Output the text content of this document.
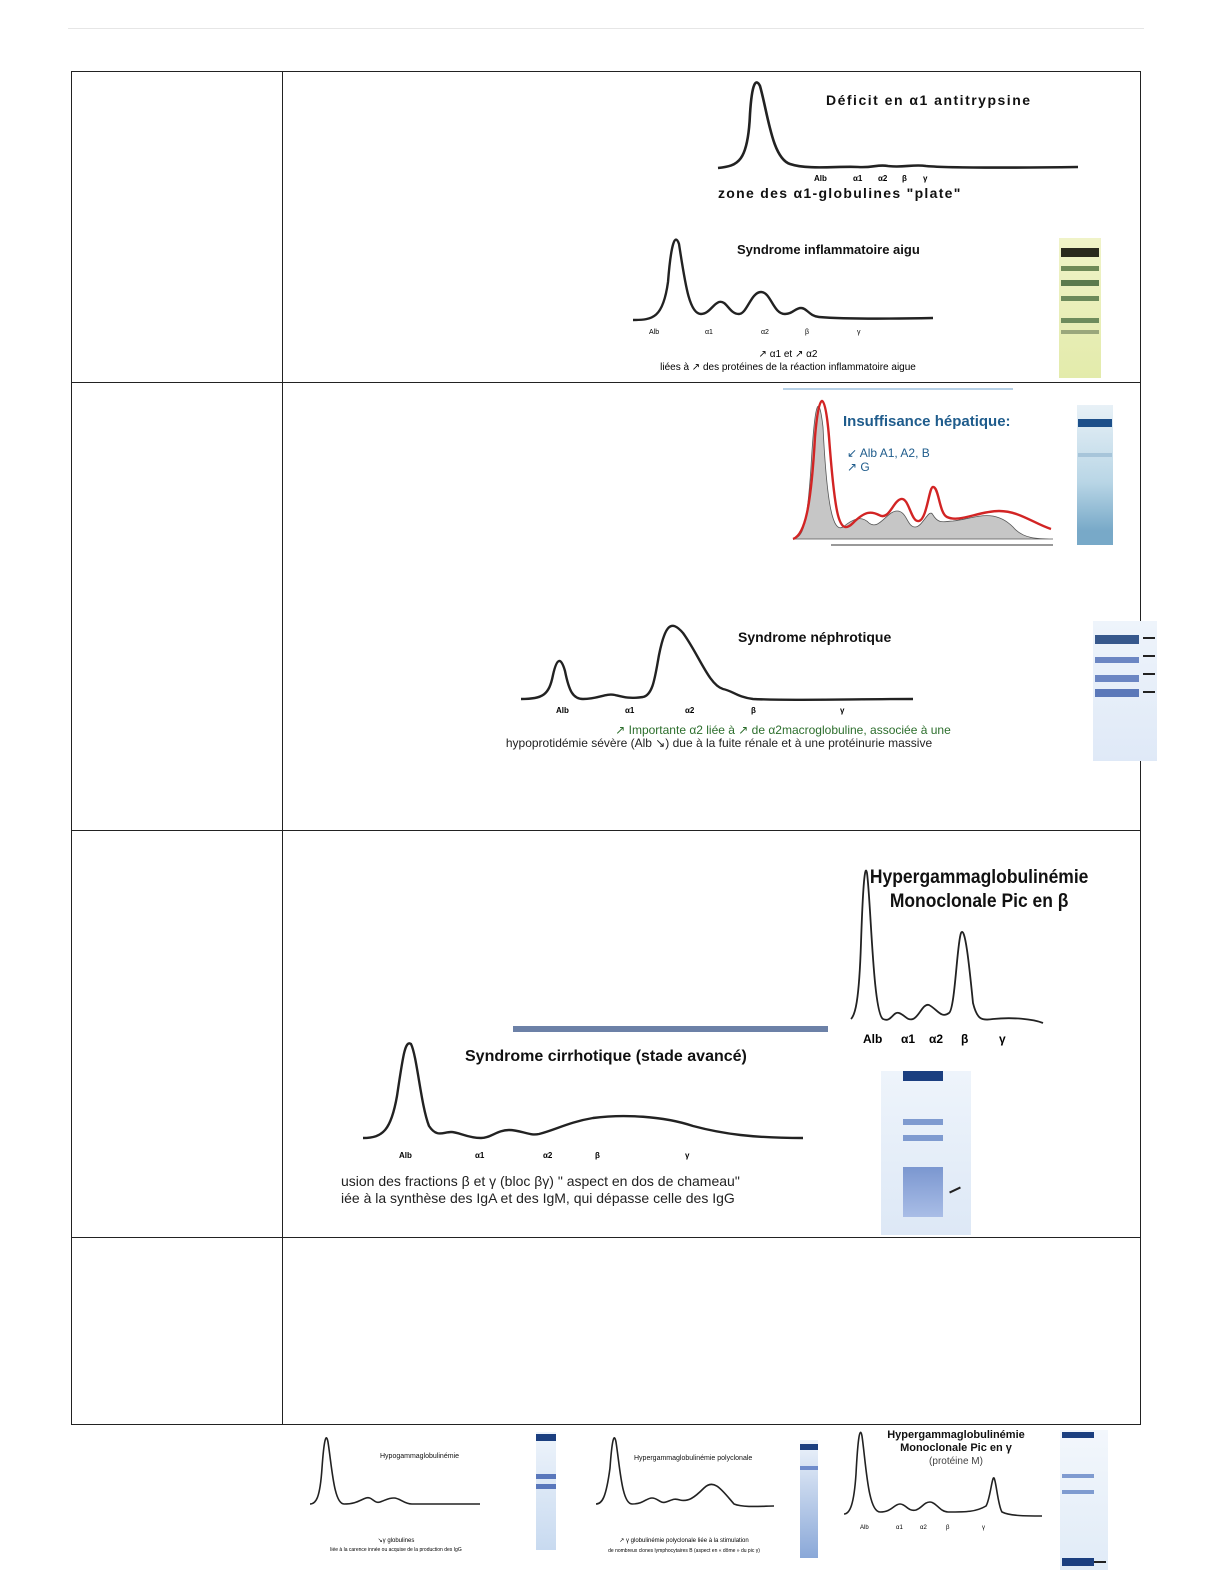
Déficit en α1 antitrypsine
Alb	α1 α2 β γ
zone des α1-globulines "plate"
Syndrome inflammatoire aigu
Alb	α1	α2	β	γ
↗ α1 et ↗ α2
liées à ↗ des protéines de la réaction inflammatoire aigue
Insuffisance hépatique:
↙ Alb A1, A2, B
↗ G
Syndrome néphrotique
Alb	α1	α2	β	γ
↗ Importante α2 liée à ↗ de α2macroglobuline, associée à une
hypoprotidémie sévère (Alb ↘) due à la fuite rénale et à une protéinurie massive
Hypergammaglobulinémie
Monoclonale Pic en β
Alb α1 α2 β	γ
Syndrome cirrhotique (stade avancé)
Alb	α1	α2	β	γ
usion des fractions β et γ (bloc βγ) " aspect en dos de chameau"
iée à la synthèse des IgA et des IgM, qui dépasse celle des IgG
Hypogammaglobulinémie
↘γ globulines
liée à la carence innée ou acquise de la production des IgG
Hypergammaglobulinémie polyclonale
↗ γ globulinémie polyclonale liée à la stimulation
de nombreux clones lymphocytaires B (aspect en « dôme » du pic γ)
Hypergammaglobulinémie
Monoclonale Pic en γ
(protéine M)
Alb	α1	α2	β	γ
